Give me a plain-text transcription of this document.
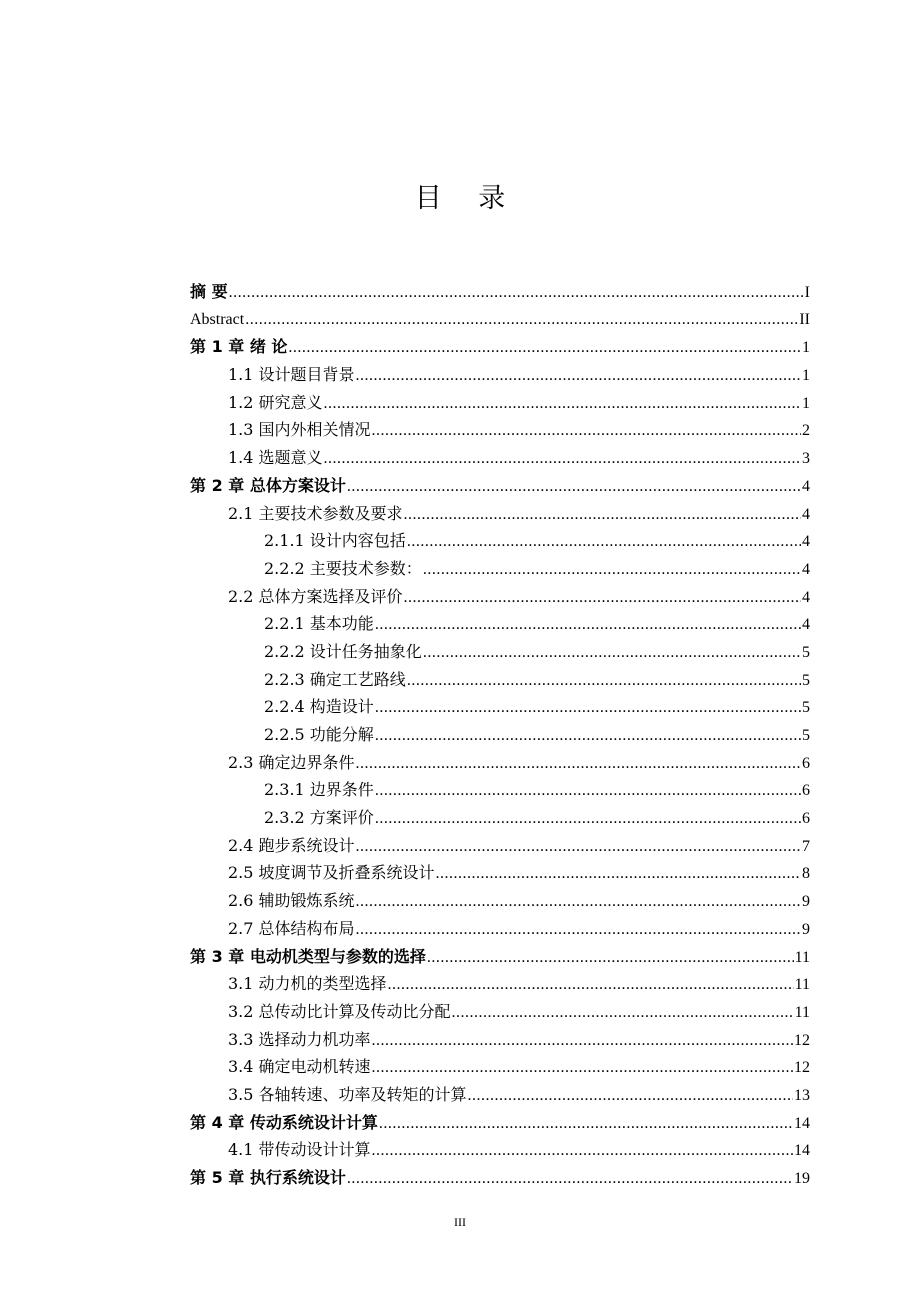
目 录
摘 要 .....	I
Abstract .....	II
第 1 章 绪 论 .....	1
1.1 设计题目背景 .....	1
1.2 研究意义 .....	1
1.3 国内外相关情况 .....	2
1.4 选题意义 .....	3
第 2 章 总体方案设计 .....	4
2.1 主要技术参数及要求 .....	4
2.1.1 设计内容包括 .....	4
2.2.2 主要技术参数： .....	4
2.2 总体方案选择及评价 .....	4
2.2.1 基本功能 .....	4
2.2.2 设计任务抽象化 .....	5
2.2.3 确定工艺路线 .....	5
2.2.4 构造设计 .....	5
2.2.5 功能分解 .....	5
2.3 确定边界条件 .....	6
2.3.1 边界条件 .....	6
2.3.2 方案评价 .....	6
2.4 跑步系统设计 .....	7
2.5 坡度调节及折叠系统设计 .....	8
2.6 辅助锻炼系统 .....	9
2.7 总体结构布局 .....	9
第 3 章 电动机类型与参数的选择 .....	11
3.1 动力机的类型选择 .....	11
3.2 总传动比计算及传动比分配 .....	11
3.3 选择动力机功率 .....	12
3.4 确定电动机转速 .....	12
3.5 各轴转速、功率及转矩的计算 .....	13
第 4 章 传动系统设计计算 .....	14
4.1 带传动设计计算 .....	14
第 5 章 执行系统设计 .....	19
III
